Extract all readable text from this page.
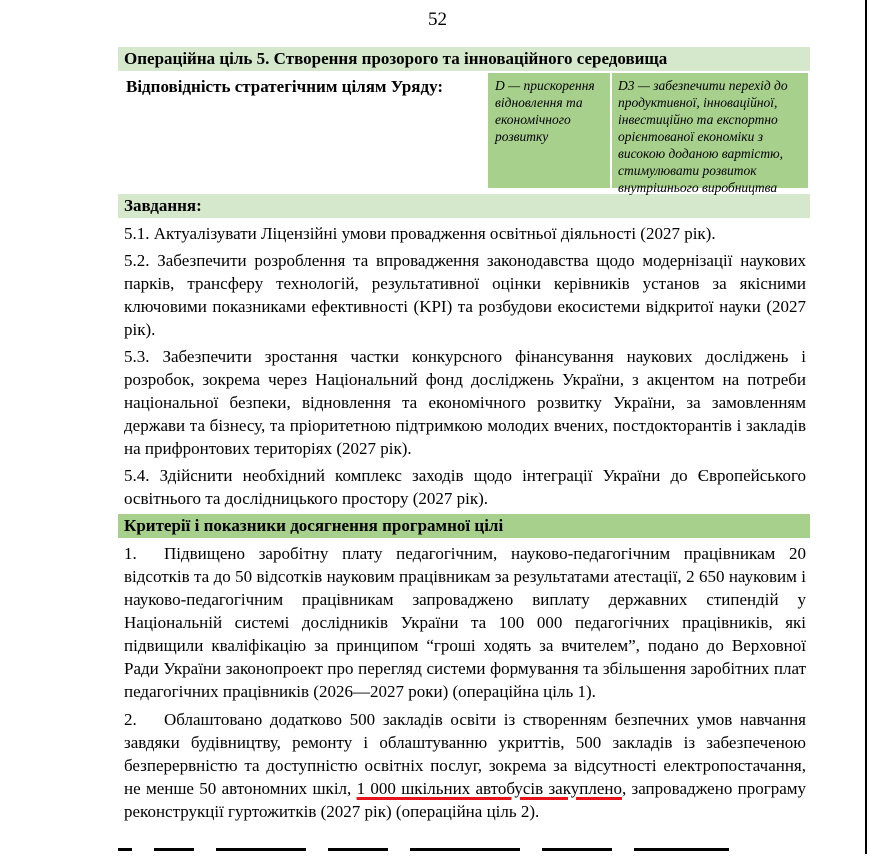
52
Операційна ціль 5. Створення прозорого та інноваційного середовища
Відповідність стратегічним цілям Уряду:	D — прискорення відновлення та економічного розвитку
D3 — забезпечити перехід до продуктивної, інноваційної, інвестиційно та експортно орієнтованої економіки з високою доданою вартістю, стимулювати розвиток внутрішнього виробництва
Завдання:

5.1. Актуалізувати Ліцензійні умови провадження освітньої діяльності (2027 рік).

5.2. Забезпечити розроблення та впровадження законодавства щодо модернізації наукових парків, трансферу технологій, результативної оцінки керівників установ за якісними ключовими показниками ефективності (KPI) та розбудови екосистеми відкритої науки (2027 рік).

5.3. Забезпечити зростання частки конкурсного фінансування наукових досліджень і розробок, зокрема через Національний фонд досліджень України, з акцентом на потреби національної безпеки, відновлення та економічного розвитку України, за замовленням держави та бізнесу, та пріоритетною підтримкою молодих вчених, постдокторантів і закладів на прифронтових територіях (2027 рік).

5.4. Здійснити необхідний комплекс заходів щодо інтеграції України до Європейського освітнього та дослідницького простору (2027 рік).

Критерії і показники досягнення програмної цілі

1. Підвищено заробітну плату педагогічним, науково-педагогічним працівникам 20 відсотків та до 50 відсотків науковим працівникам за результатами атестації, 2 650 науковим і науково-педагогічним працівникам запроваджено виплату державних стипендій у Національній системі дослідників України та 100 000 педагогічних працівників, які підвищили кваліфікацію за принципом “гроші ходять за вчителем”, подано до Верховної Ради України законопроект про перегляд системи формування та збільшення заробітних плат педагогічних працівників (2026—2027 роки) (операційна ціль 1).

2. Облаштовано додатково 500 закладів освіти із створенням безпечних умов навчання завдяки будівництву, ремонту і облаштуванню укриттів, 500 закладів із забезпеченою безперервністю та доступністю освітніх послуг, зокрема за відсутності електропостачання, не менше 50 автономних шкіл, 1 000 шкільних автобусів закуплено, запроваджено програму реконструкції гуртожитків (2027 рік) (операційна ціль 2).
